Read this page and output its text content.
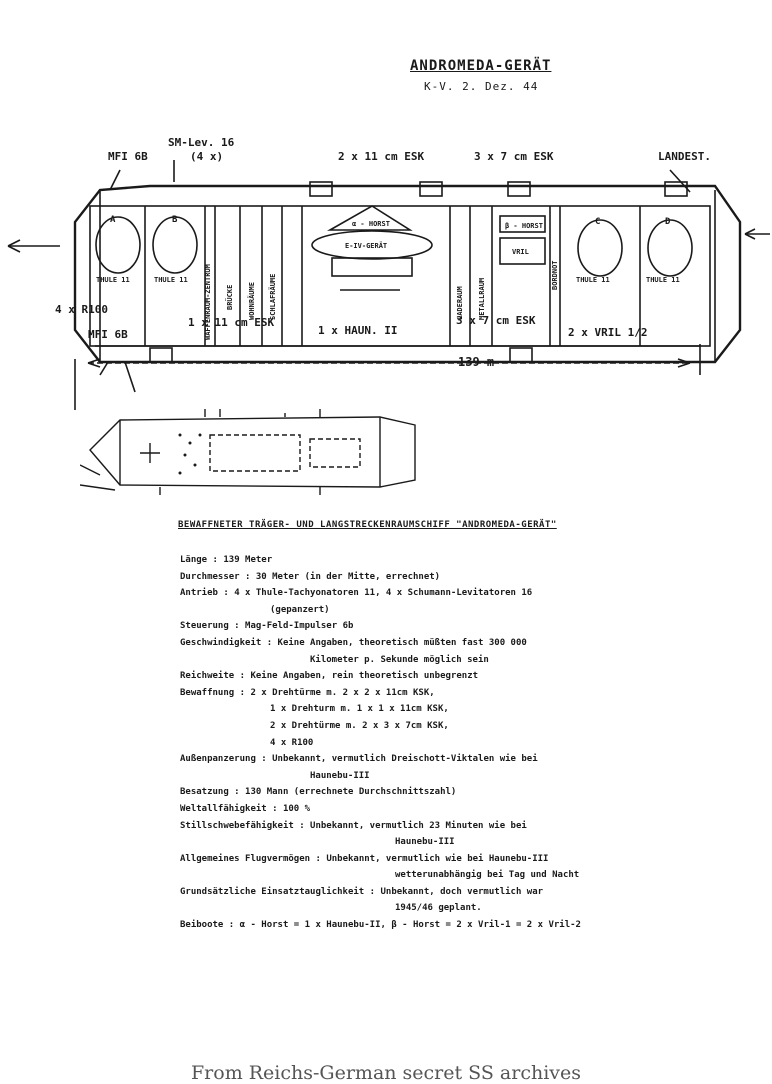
ANDROMEDA-GERÄT
K-V. 2. Dez. 44
MFI 6B
SM-Lev. 16
(4 x)	2 x 11 cm ESK	3 x 7 cm ESK	LANDEST.
4 x R100
MFI 6B
1 x 11 cm ESK
1 x HAUN. II
3 x 7 cm ESK
2 x VRIL 1/2
139 m
WAFFENRAUM-ZENTRUM BRÜCKE WOHNRÄUME SCHLAFRÄUME	LADERAUM METALLRAUM
BORDNOT
α - HORST
E-IV-GERÄT
β - HORST
VRIL
A	B	C	D
THULE 11	THULE 11	THULE 11	THULE 11
BEWAFFNETER TRÄGER- UND LANGSTRECKENRAUMSCHIFF "ANDROMEDA-GERÄT"
Länge : 139 Meter
Durchmesser : 30 Meter (in der Mitte, errechnet)
Antrieb : 4 x Thule-Tachyonatoren 11, 4 x Schumann-Levitatoren 16
(gepanzert)
Steuerung : Mag-Feld-Impulser 6b
Geschwindigkeit : Keine Angaben, theoretisch müßten fast 300 000
Kilometer p. Sekunde möglich sein
Reichweite : Keine Angaben, rein theoretisch unbegrenzt
Bewaffnung : 2 x Drehtürme m. 2 x 2 x 11cm KSK,
1 x Drehturm m. 1 x 1 x 11cm KSK,
2 x Drehtürme m. 2 x 3 x 7cm KSK,
4 x R100
Außenpanzerung : Unbekannt, vermutlich Dreischott-Viktalen wie bei
Haunebu-III
Besatzung : 130 Mann (errechnete Durchschnittszahl)
Weltallfähigkeit : 100 %
Stillschwebefähigkeit : Unbekannt, vermutlich 23 Minuten wie bei
Haunebu-III
Allgemeines Flugvermögen : Unbekannt, vermutlich wie bei Haunebu-III
wetterunabhängig bei Tag und Nacht
Grundsätzliche Einsatztauglichkeit : Unbekannt, doch vermutlich war
1945/46 geplant.
Beiboote : α - Horst = 1 x Haunebu-II, β - Horst = 2 x Vril-1 = 2 x Vril-2
From Reichs-German secret SS archives
